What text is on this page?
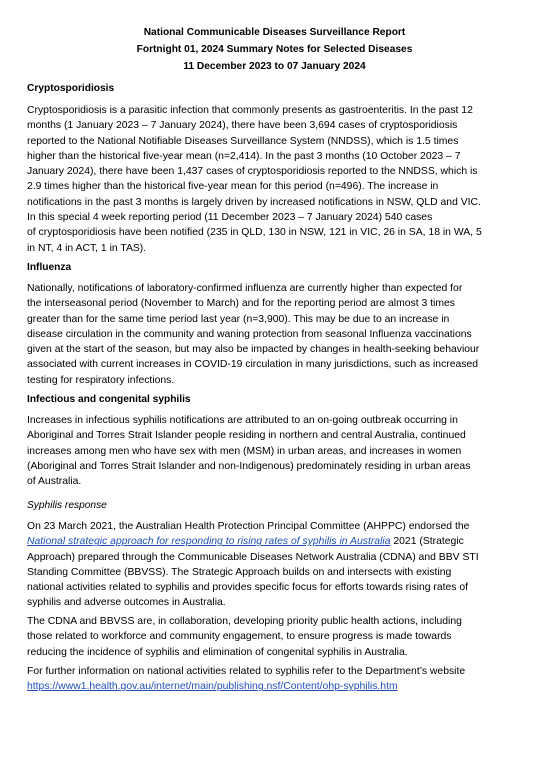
National Communicable Diseases Surveillance Report
Fortnight 01, 2024 Summary Notes for Selected Diseases
11 December 2023 to 07 January 2024
Cryptosporidiosis
Cryptosporidiosis is a parasitic infection that commonly presents as gastroenteritis. In the past 12
months (1 January 2023 – 7 January 2024), there have been 3,694 cases of cryptosporidiosis
reported to the National Notifiable Diseases Surveillance System (NNDSS), which is 1.5 times
higher than the historical five-year mean (n=2,414). In the past 3 months (10 October 2023 – 7
January 2024), there have been 1,437 cases of cryptosporidiosis reported to the NNDSS, which is
2.9 times higher than the historical five-year mean for this period (n=496). The increase in
notifications in the past 3 months is largely driven by increased notifications in NSW, QLD and VIC.
In this special 4 week reporting period (11 December 2023 – 7 January 2024) 540 cases
of cryptosporidiosis have been notified (235 in QLD, 130 in NSW, 121 in VIC, 26 in SA, 18 in WA, 5
in NT, 4 in ACT, 1 in TAS).
Influenza
Nationally, notifications of laboratory-confirmed influenza are currently higher than expected for
the interseasonal period (November to March) and for the reporting period are almost 3 times
greater than for the same time period last year (n=3,900). This may be due to an increase in
disease circulation in the community and waning protection from seasonal Influenza vaccinations
given at the start of the season, but may also be impacted by changes in health-seeking behaviour
associated with current increases in COVID-19 circulation in many jurisdictions, such as increased
testing for respiratory infections.
Infectious and congenital syphilis
Increases in infectious syphilis notifications are attributed to an on-going outbreak occurring in
Aboriginal and Torres Strait Islander people residing in northern and central Australia, continued
increases among men who have sex with men (MSM) in urban areas, and increases in women
(Aboriginal and Torres Strait Islander and non-Indigenous) predominately residing in urban areas
of Australia.
Syphilis response
On 23 March 2021, the Australian Health Protection Principal Committee (AHPPC) endorsed the
National strategic approach for responding to rising rates of syphilis in Australia 2021 (Strategic
Approach) prepared through the Communicable Diseases Network Australia (CDNA) and BBV STI
Standing Committee (BBVSS). The Strategic Approach builds on and intersects with existing
national activities related to syphilis and provides specific focus for efforts towards rising rates of
syphilis and adverse outcomes in Australia.
The CDNA and BBVSS are, in collaboration, developing priority public health actions, including
those related to workforce and community engagement, to ensure progress is made towards
reducing the incidence of syphilis and elimination of congenital syphilis in Australia.
For further information on national activities related to syphilis refer to the Department’s website
https://www1.health.gov.au/internet/main/publishing.nsf/Content/ohp-syphilis.htm
